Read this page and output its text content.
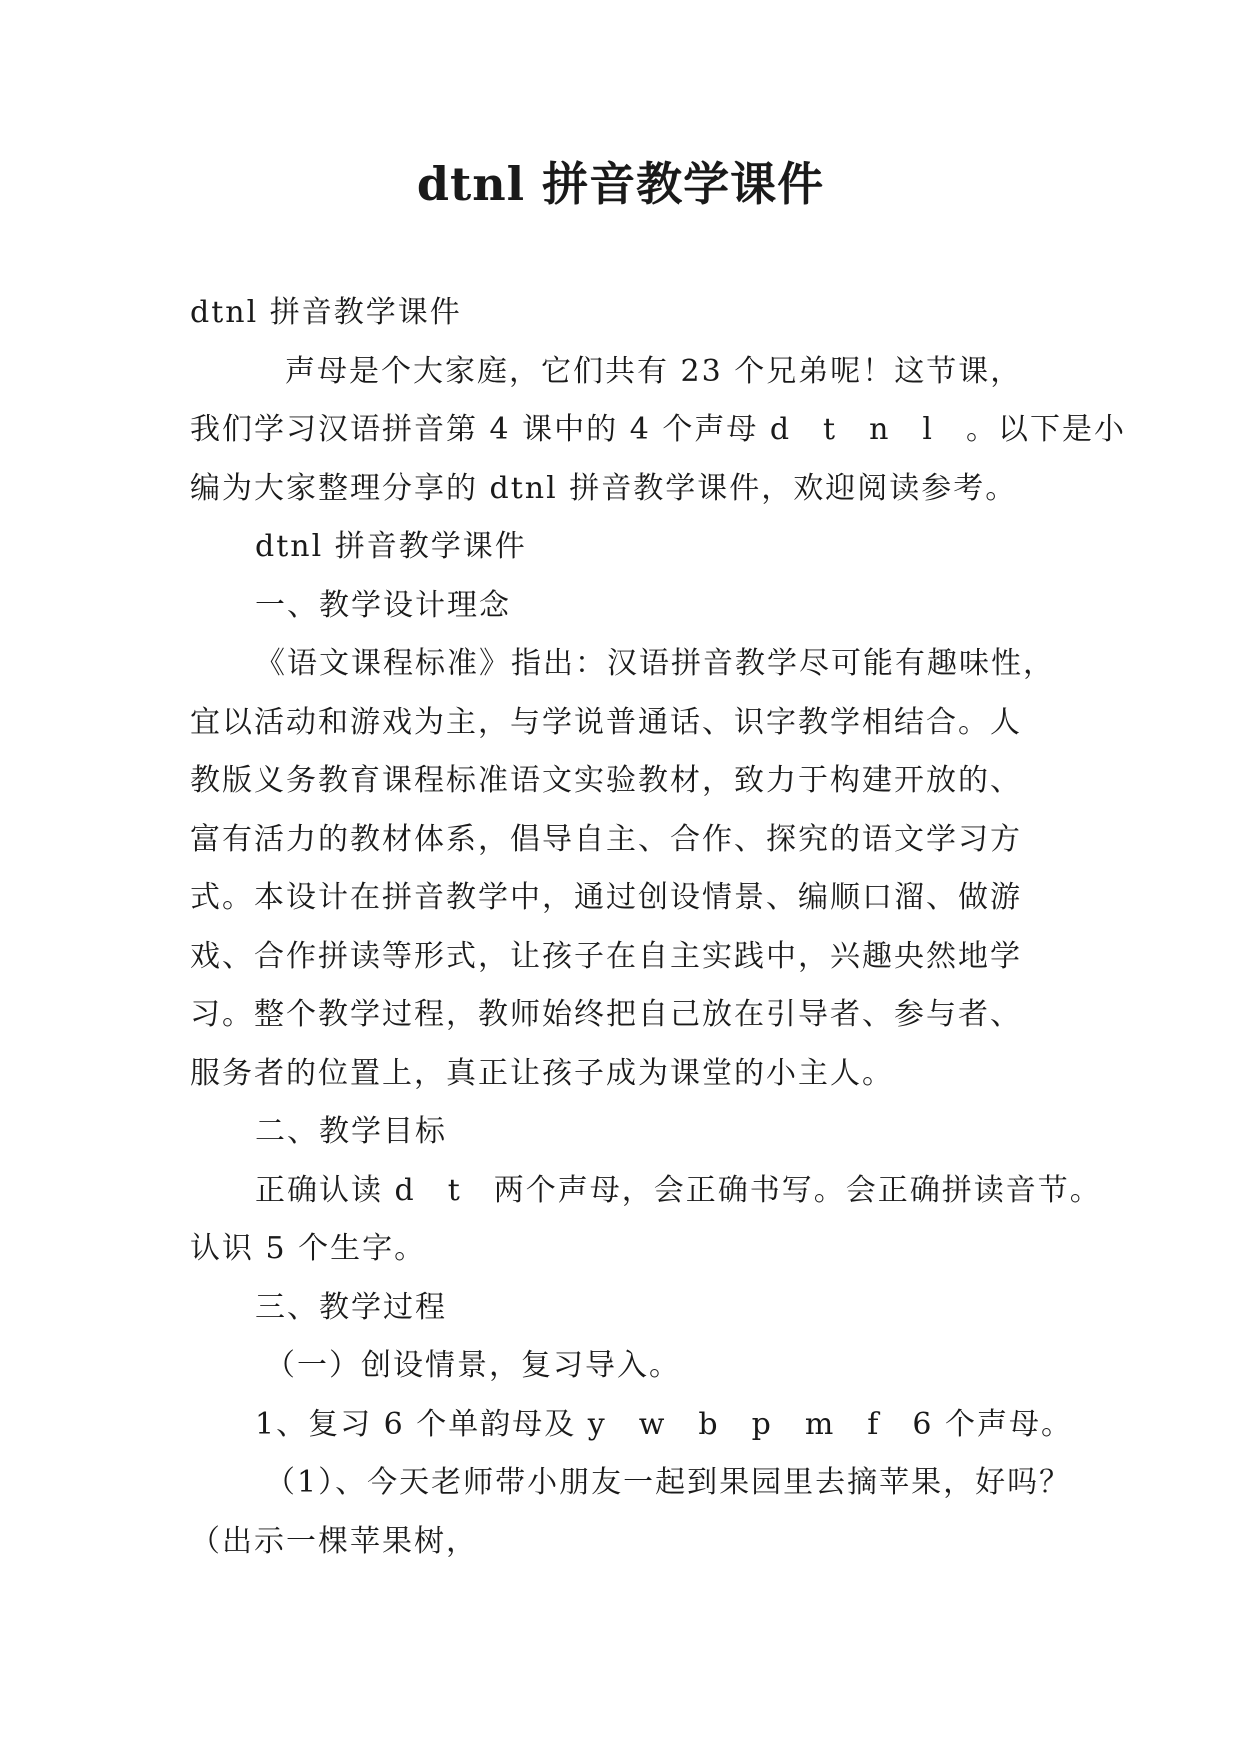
dtnl 拼音教学课件

dtnl 拼音教学课件

声母是个大家庭，它们共有 23 个兄弟呢！这节课，
我们学习汉语拼音第 4 课中的 4 个声母 d　t　n　l　。以下是小
编为大家整理分享的 dtnl 拼音教学课件，欢迎阅读参考。

dtnl 拼音教学课件

一、教学设计理念

《语文课程标准》指出：汉语拼音教学尽可能有趣味性，
宜以活动和游戏为主，与学说普通话、识字教学相结合。人
教版义务教育课程标准语文实验教材，致力于构建开放的、
富有活力的教材体系，倡导自主、合作、探究的语文学习方
式。本设计在拼音教学中，通过创设情景、编顺口溜、做游
戏、合作拼读等形式，让孩子在自主实践中，兴趣央然地学
习。整个教学过程，教师始终把自己放在引导者、参与者、
服务者的位置上，真正让孩子成为课堂的小主人。

二、教学目标

正确认读 d　t　两个声母，会正确书写。会正确拼读音节。
认识 5 个生字。

三、教学过程

（一）创设情景，复习导入。

1、复习 6 个单韵母及 y　w　b　p　m　f　6 个声母。

（1）、今天老师带小朋友一起到果园里去摘苹果，好吗？
（出示一棵苹果树，
